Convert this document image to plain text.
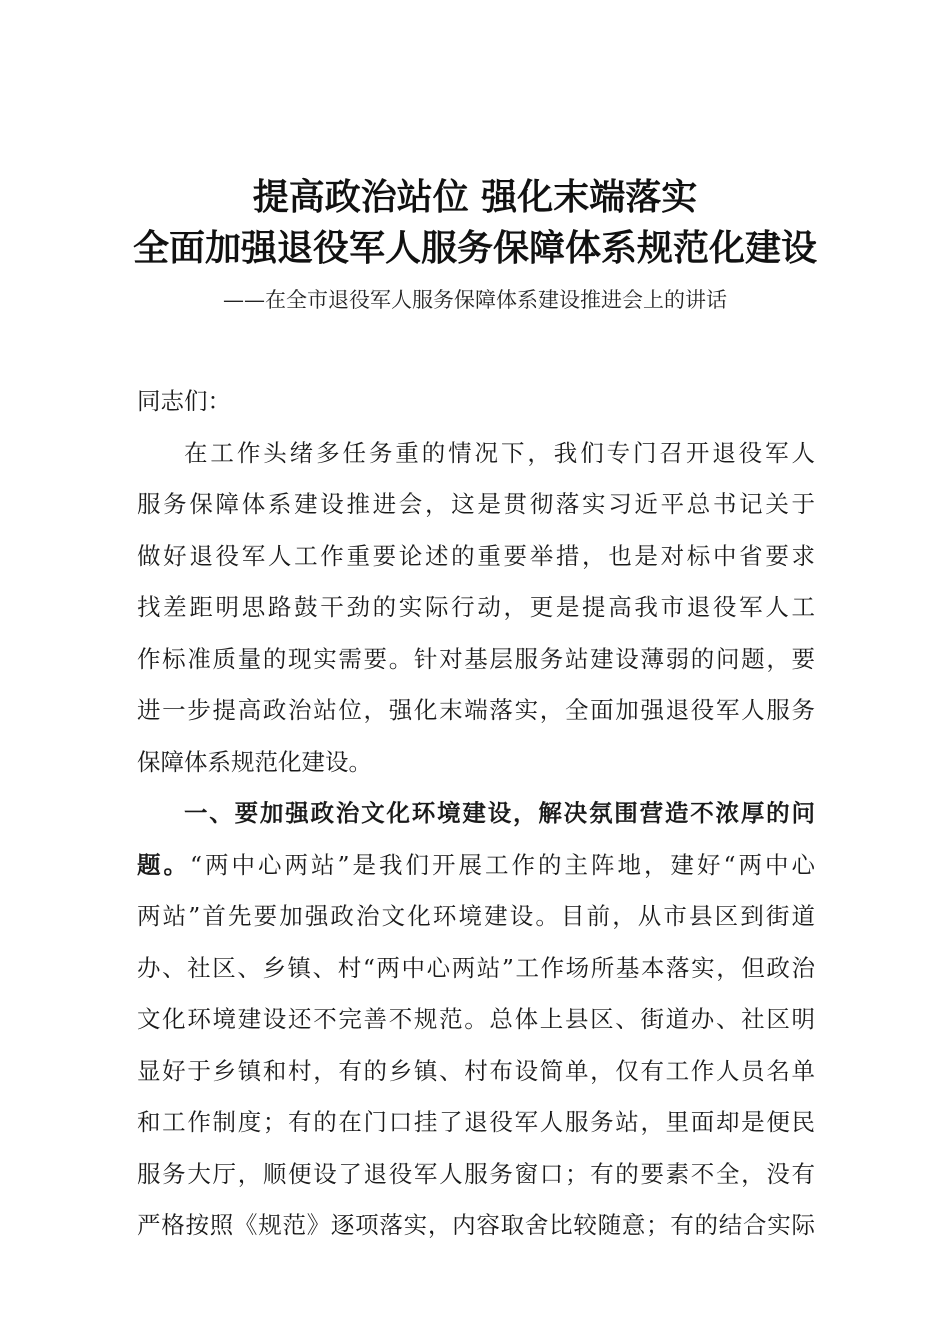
提高政治站位 强化末端落实
全面加强退役军人服务保障体系规范化建设
——在全市退役军人服务保障体系建设推进会上的讲话
同志们：
在工作头绪多任务重的情况下，我们专门召开退役军人
服务保障体系建设推进会，这是贯彻落实习近平总书记关于
做好退役军人工作重要论述的重要举措，也是对标中省要求
找差距明思路鼓干劲的实际行动，更是提高我市退役军人工
作标准质量的现实需要。针对基层服务站建设薄弱的问题，要
进一步提高政治站位，强化末端落实，全面加强退役军人服务
保障体系规范化建设。
一、要加强政治文化环境建设，解决氛围营造不浓厚的问
题。“两中心两站”是我们开展工作的主阵地，建好“两中心
两站”首先要加强政治文化环境建设。目前，从市县区到街道
办、社区、乡镇、村“两中心两站”工作场所基本落实，但政治
文化环境建设还不完善不规范。总体上县区、街道办、社区明
显好于乡镇和村，有的乡镇、村布设简单，仅有工作人员名单
和工作制度；有的在门口挂了退役军人服务站，里面却是便民
服务大厅，顺便设了退役军人服务窗口；有的要素不全，没有
严格按照《规范》逐项落实，内容取舍比较随意；有的结合实际
